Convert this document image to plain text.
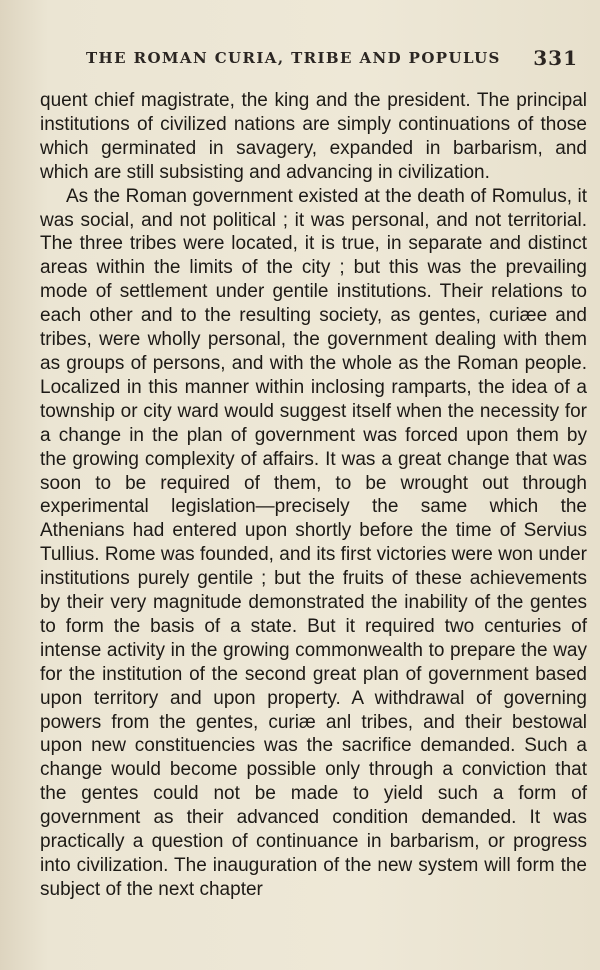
THE ROMAN CURIA, TRIBE AND POPULUS 331

quent chief magistrate, the king and the president. The principal institutions of civilized nations are simply continuations of those which germinated in savagery, expanded in barbarism, and which are still subsisting and advancing in civilization.

As the Roman government existed at the death of Romulus, it was social, and not political ; it was personal, and not territorial. The three tribes were located, it is true, in separate and distinct areas within the limits of the city ; but this was the prevailing mode of settlement under gentile institutions. Their relations to each other and to the resulting society, as gentes, curiæe and tribes, were wholly personal, the government dealing with them as groups of persons, and with the whole as the Roman people. Localized in this manner within inclosing ramparts, the idea of a township or city ward would suggest itself when the necessity for a change in the plan of government was forced upon them by the growing complexity of affairs. It was a great change that was soon to be required of them, to be wrought out through experimental legislation—precisely the same which the Athenians had entered upon shortly before the time of Servius Tullius. Rome was founded, and its first victories were won under institutions purely gentile ; but the fruits of these achievements by their very magnitude demonstrated the inability of the gentes to form the basis of a state. But it required two centuries of intense activity in the growing commonwealth to prepare the way for the institution of the second great plan of government based upon territory and upon property. A withdrawal of governing powers from the gentes, curiæ anl tribes, and their bestowal upon new constituencies was the sacrifice demanded. Such a change would become possible only through a conviction that the gentes could not be made to yield such a form of government as their advanced condition demanded. It was practically a question of continuance in barbarism, or progress into civilization. The inauguration of the new system will form the subject of the next chapter
